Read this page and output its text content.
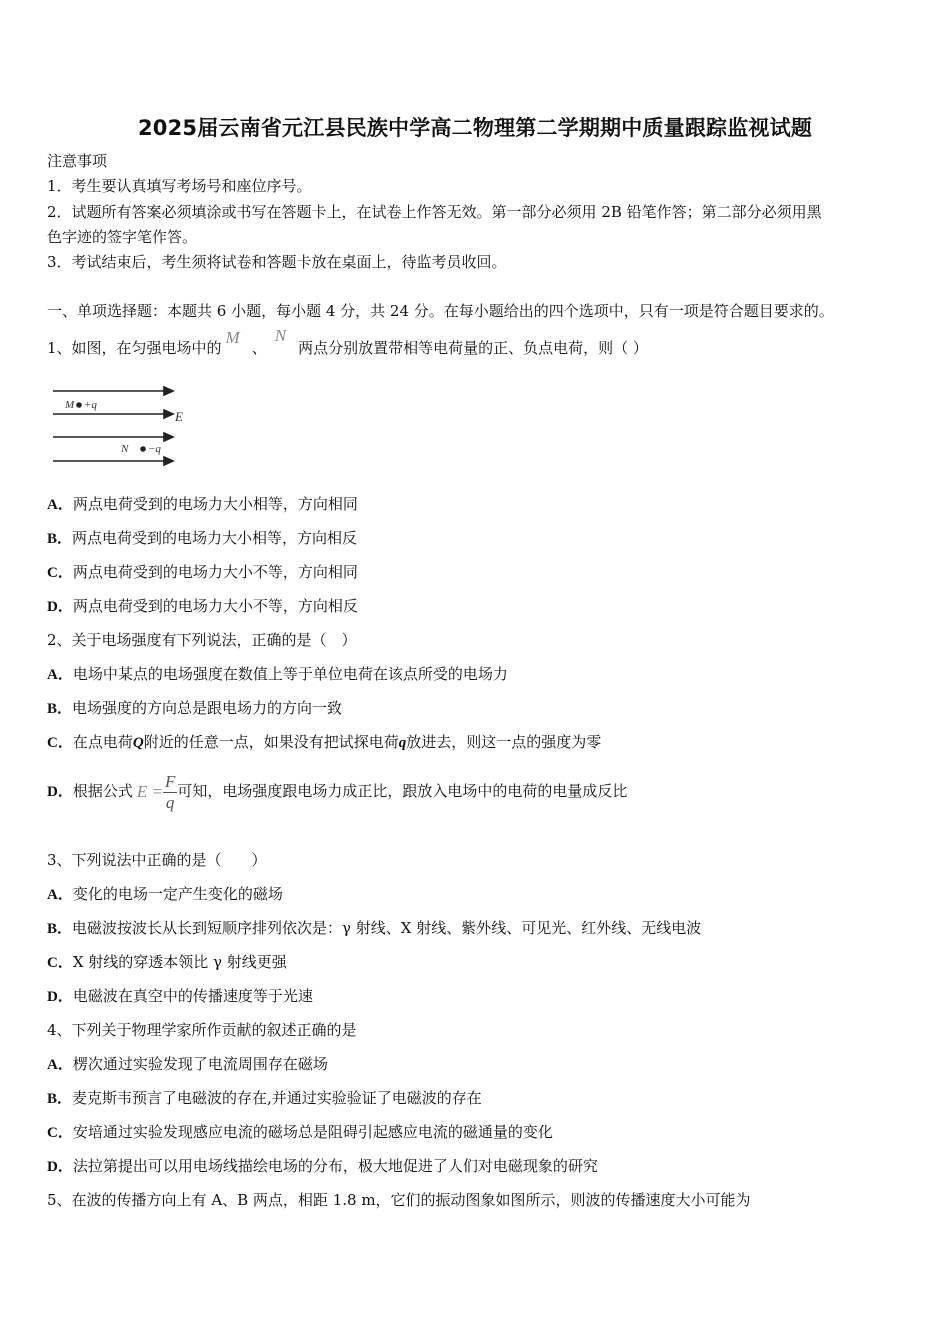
2025届云南省元江县民族中学高二物理第二学期期中质量跟踪监视试题
注意事项
1．考生要认真填写考场号和座位序号。
2．试题所有答案必须填涂或书写在答题卡上，在试卷上作答无效。第一部分必须用 2B 铅笔作答；第二部分必须用黑
色字迹的签字笔作答。
3．考试结束后，考生须将试卷和答题卡放在桌面上，待监考员收回。
一、单项选择题：本题共 6 小题，每小题 4 分，共 24 分。在每小题给出的四个选项中，只有一项是符合题目要求的。
1、如图，在匀强电场中的M、N两点分别放置带相等电荷量的正、负点电荷，则（ ）
M +q
N −q
E
A．两点电荷受到的电场力大小相等，方向相同
B．两点电荷受到的电场力大小相等，方向相反
C．两点电荷受到的电场力大小不等，方向相同
D．两点电荷受到的电场力大小不等，方向相反
2、关于电场强度有下列说法，正确的是（　）
A．电场中某点的电场强度在数值上等于单位电荷在该点所受的电场力
B．电场强度的方向总是跟电场力的方向一致
C．在点电荷Q附近的任意一点，如果没有把试探电荷q放进去，则这一点的强度为零
D．根据公式 $E = \frac{F}{q}$ 可知，电场强度跟电场力成正比，跟放入电场中的电荷的电量成反比
3、下列说法中正确的是（　　）
A．变化的电场一定产生变化的磁场
B．电磁波按波长从长到短顺序排列依次是：γ 射线、X 射线、紫外线、可见光、红外线、无线电波
C．X 射线的穿透本领比 γ 射线更强
D．电磁波在真空中的传播速度等于光速
4、下列关于物理学家所作贡献的叙述正确的是
A．楞次通过实验发现了电流周围存在磁场
B．麦克斯韦预言了电磁波的存在,并通过实验验证了电磁波的存在
C．安培通过实验发现感应电流的磁场总是阻碍引起感应电流的磁通量的变化
D．法拉第提出可以用电场线描绘电场的分布，极大地促进了人们对电磁现象的研究
5、在波的传播方向上有 A、B 两点，相距 1.8 m，它们的振动图象如图所示，则波的传播速度大小可能为
